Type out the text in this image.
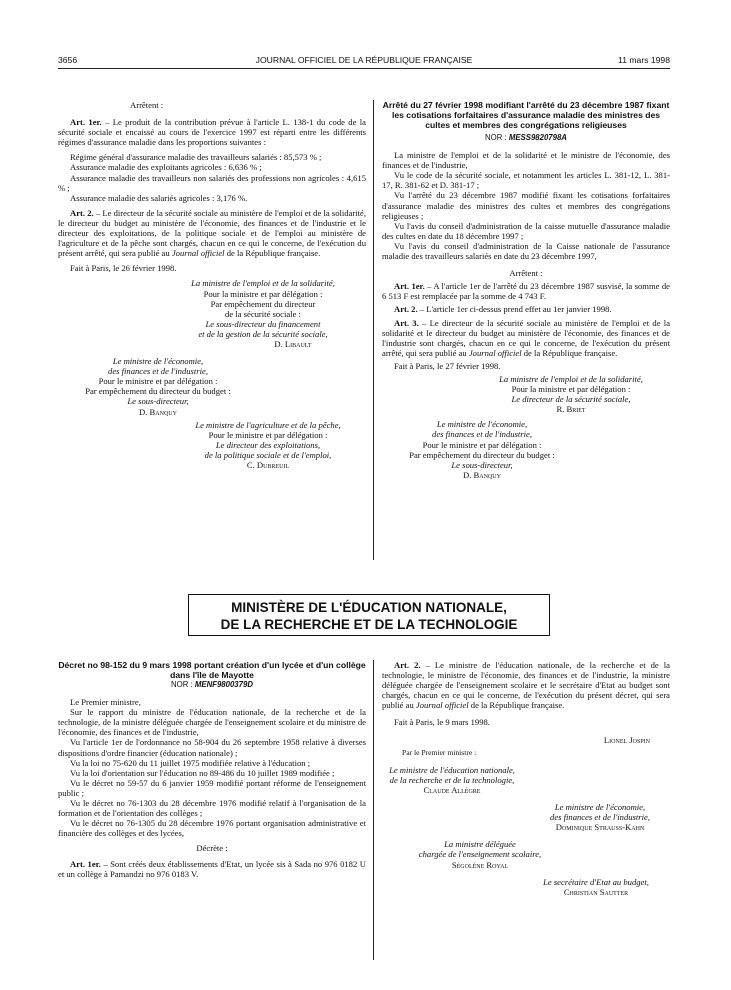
3656	JOURNAL OFFICIEL DE LA RÉPUBLIQUE FRANÇAISE	11 mars 1998

Arrêtent :

Art. 1er. – Le produit de la contribution prévue à l'article L. 138-1 du code de la sécurité sociale et encaissé au cours de l'exercice 1997 est réparti entre les différents régimes d'assurance maladie dans les proportions suivantes :

Régime général d'assurance maladie des travailleurs salariés : 85,573 % ;

Assurance maladie des exploitants agricoles : 6,636 % ;

Assurance maladie des travailleurs non salariés des professions non agricoles : 4,615 % ;

Assurance maladie des salariés agricoles : 3,176 %.

Art. 2. – Le directeur de la sécurité sociale au ministère de l'emploi et de la solidarité, le directeur du budget au ministère de l'économie, des finances et de l'industrie et le directeur des exploitations, de la politique sociale et de l'emploi au ministère de l'agriculture et de la pêche sont chargés, chacun en ce qui le concerne, de l'exécution du présent arrêté, qui sera publié au Journal officiel de la République française.

Fait à Paris, le 26 février 1998.

La ministre de l'emploi et de la solidarité,

Pour la ministre et par délégation :

Par empêchement du directeur

de la sécurité sociale :

Le sous-directeur du financement

et de la gestion de la sécurité sociale,

D. Libault

Le ministre de l'économie,

des finances et de l'industrie,

Pour le ministre et par délégation :

Par empêchement du directeur du budget :

Le sous-directeur,

D. Banquy

Le ministre de l'agriculture et de la pêche,

Pour le ministre et par délégation :

Le directeur des exploitations,

de la politique sociale et de l'emploi,

C. Dubreuil

Arrêté du 27 février 1998 modifiant l'arrêté du 23 décembre 1987 fixant les cotisations forfaitaires d'assurance maladie des ministres des cultes et membres des congrégations religieuses

NOR : MESS9820798A

La ministre de l'emploi et de la solidarité et le ministre de l'économie, des finances et de l'industrie,

Vu le code de la sécurité sociale, et notamment les articles L. 381-12, L. 381-17, R. 381-62 et D. 381-17 ;

Vu l'arrêté du 23 décembre 1987 modifié fixant les cotisations forfaitaires d'assurance maladie des ministres des cultes et membres des congrégations religieuses ;

Vu l'avis du conseil d'administration de la caisse mutuelle d'assurance maladie des cultes en date du 18 décembre 1997 ;

Vu l'avis du conseil d'administration de la Caisse nationale de l'assurance maladie des travailleurs salariés en date du 23 décembre 1997,

Arrêtent :

Art. 1er. – A l'article 1er de l'arrêté du 23 décembre 1987 susvisé, la somme de 6 513 F est remplacée par la somme de 4 743 F.

Art. 2. – L'article 1er ci-dessus prend effet au 1er janvier 1998.

Art. 3. – Le directeur de la sécurité sociale au ministère de l'emploi et de la solidarité et le directeur du budget au ministère de l'économie, des finances et de l'industrie sont chargés, chacun en ce qui le concerne, de l'exécution du présent arrêté, qui sera publié au Journal officiel de la République française.

Fait à Paris, le 27 février 1998.

La ministre de l'emploi et de la solidarité,

Pour la ministre et par délégation :

Le directeur de la sécurité sociale,

R. Briet

Le ministre de l'économie,

des finances et de l'industrie,

Pour le ministre et par délégation :

Par empêchement du directeur du budget :

Le sous-directeur,

D. Banquy

MINISTÈRE DE L'ÉDUCATION NATIONALE,
DE LA RECHERCHE ET DE LA TECHNOLOGIE

Décret no 98-152 du 9 mars 1998 portant création d'un lycée et d'un collège dans l'île de Mayotte

NOR : MENF9800379D

Le Premier ministre,

Sur le rapport du ministre de l'éducation nationale, de la recherche et de la technologie, de la ministre déléguée chargée de l'enseignement scolaire et du ministre de l'économie, des finances et de l'industrie,

Vu l'article 1er de l'ordonnance no 58-904 du 26 septembre 1958 relative à diverses dispositions d'ordre financier (éducation nationale) ;

Vu la loi no 75-620 du 11 juillet 1975 modifiée relative à l'éducation ;

Vu la loi d'orientation sur l'éducation no 89-486 du 10 juillet 1989 modifiée ;

Vu le décret no 59-57 du 6 janvier 1959 modifié portant réforme de l'enseignement public ;

Vu le décret no 76-1303 du 28 décembre 1976 modifié relatif à l'organisation de la formation et de l'orientation des collèges ;

Vu le décret no 76-1305 du 28 décembre 1976 portant organisation administrative et financière des collèges et des lycées,

Décrète :

Art. 1er. – Sont créés deux établissements d'Etat, un lycée sis à Sada no 976 0182 U et un collège à Pamandzi no 976 0183 V.

Art. 2. – Le ministre de l'éducation nationale, de la recherche et de la technologie, le ministre de l'économie, des finances et de l'industrie, la ministre déléguée chargée de l'enseignement scolaire et le secrétaire d'Etat au budget sont chargés, chacun en ce qui le concerne, de l'exécution du présent décret, qui sera publié au Journal officiel de la République française.

Fait à Paris, le 9 mars 1998.

Lionel Jospin

Par le Premier ministre :

Le ministre de l'éducation nationale,

de la recherche et de la technologie,

Claude Allègre

Le ministre de l'économie,

des finances et de l'industrie,

Dominique Strauss-Kahn

La ministre déléguée

chargée de l'enseignement scolaire,

Ségolène Royal

Le secrétaire d'Etat au budget,

Christian Sautter
